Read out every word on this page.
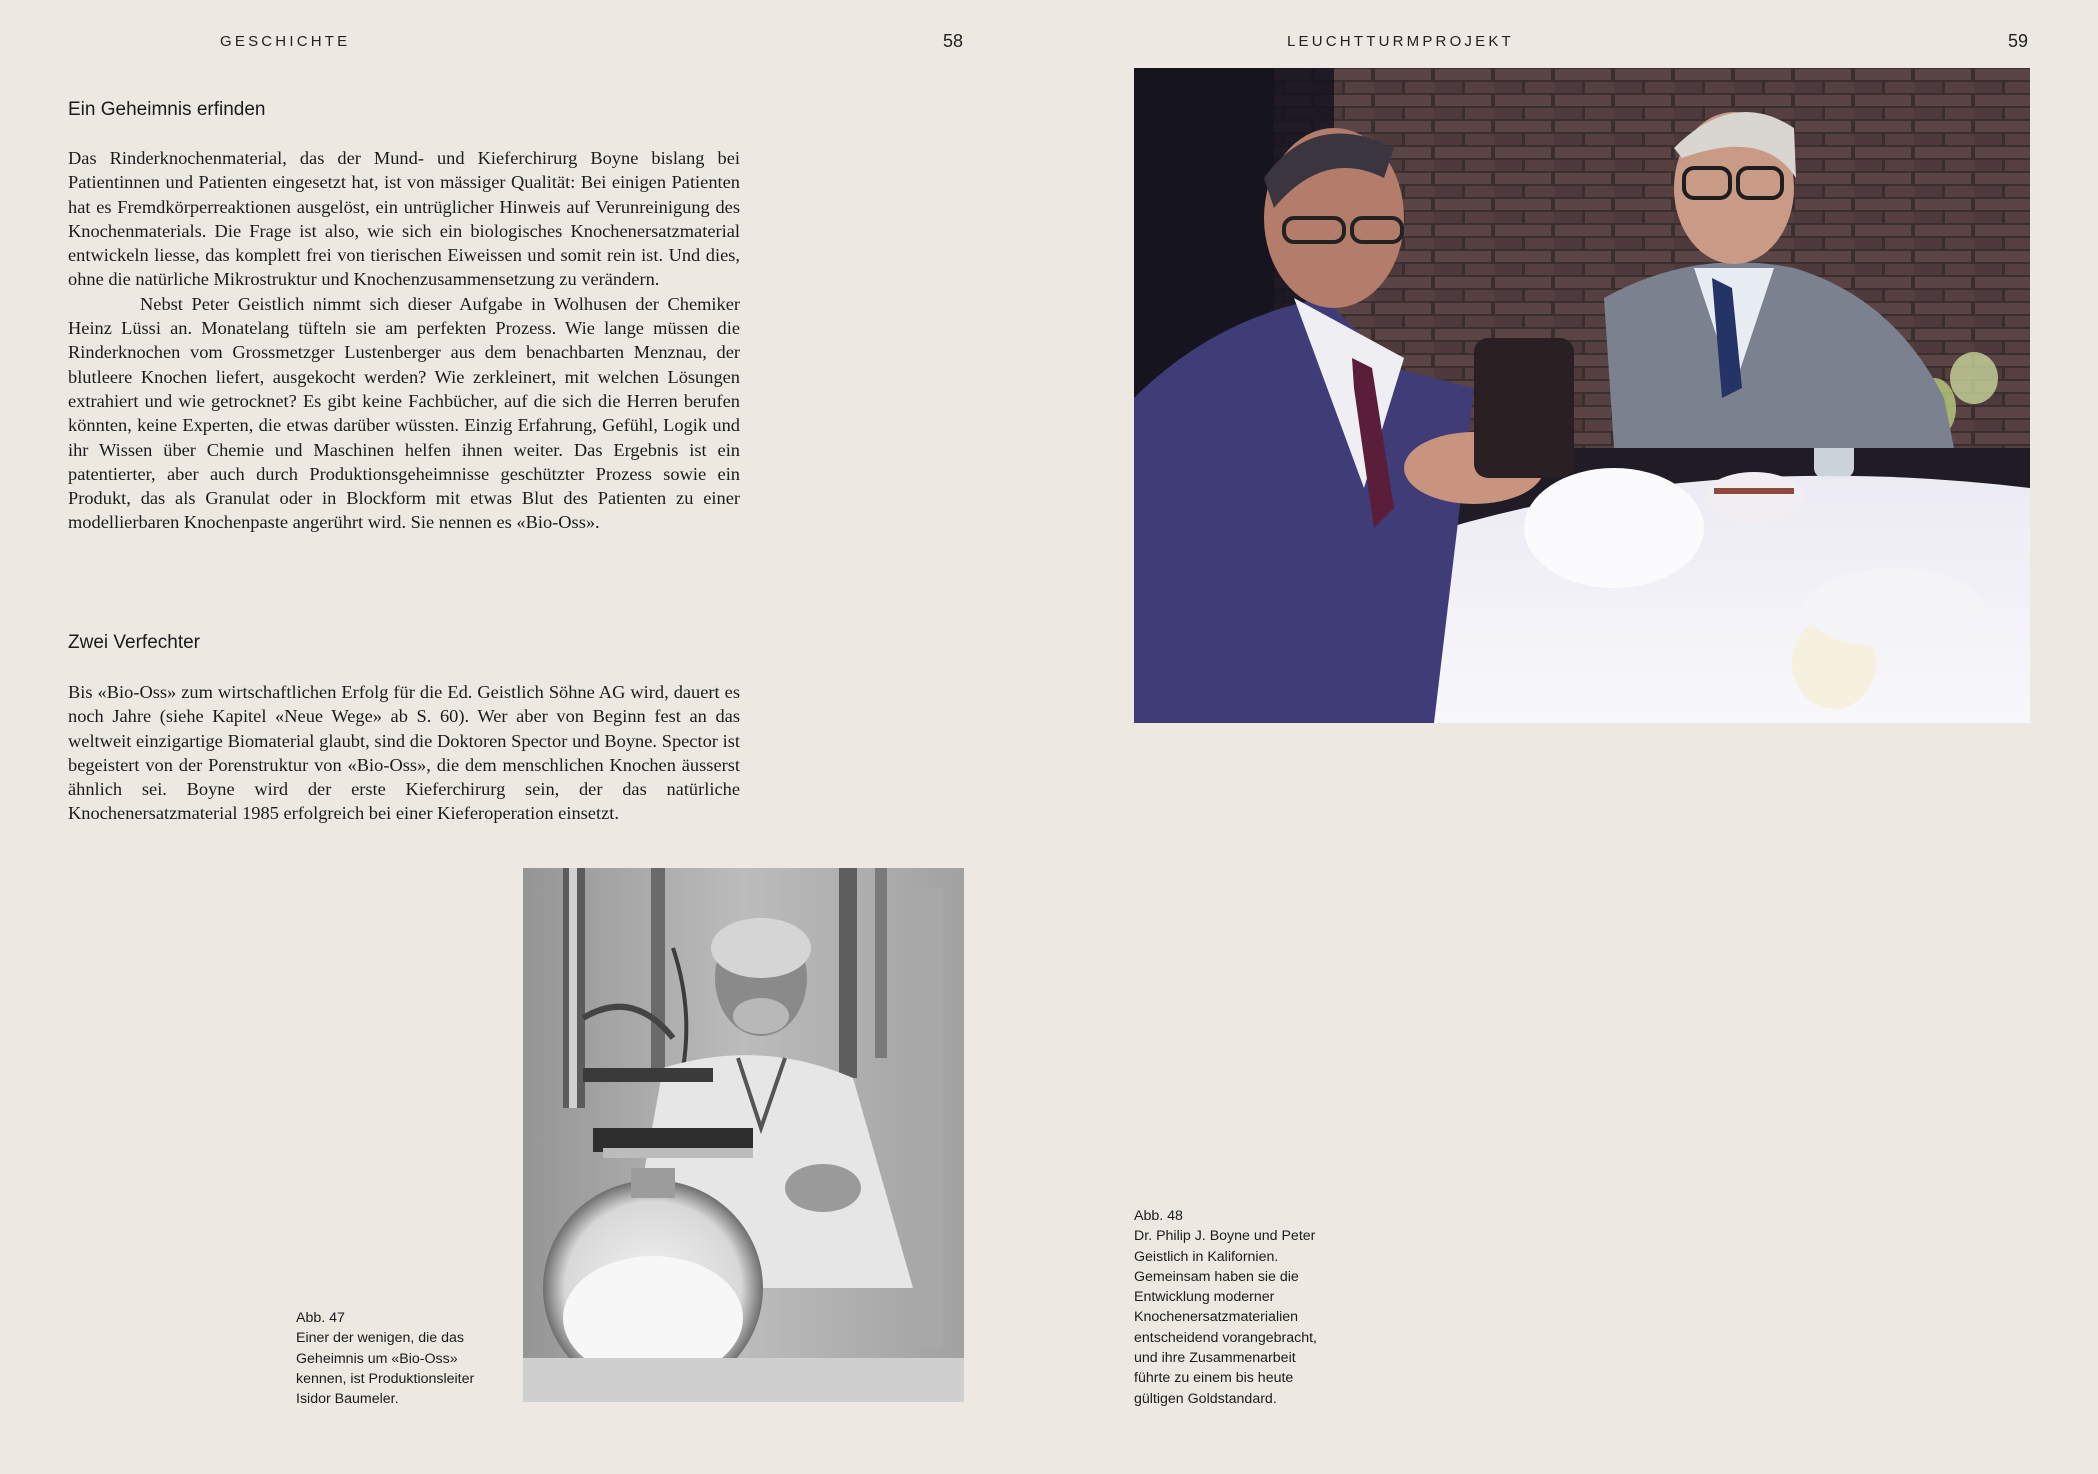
GESCHICHTE	58
Ein Geheimnis erfinden

Das Rinderknochenmaterial, das der Mund- und Kieferchirurg Boyne bislang bei Patientinnen und Patienten eingesetzt hat, ist von mässiger Qualität: Bei einigen Patienten hat es Fremdkörperreaktionen ausgelöst, ein untrüglicher Hinweis auf Verunreinigung des Knochenmaterials. Die Frage ist also, wie sich ein biologisches Knochenersatzmaterial entwickeln liesse, das komplett frei von tierischen Eiweissen und somit rein ist. Und dies, ohne die natürliche Mikrostruktur und Knochenzusammensetzung zu verändern.

Nebst Peter Geistlich nimmt sich dieser Aufgabe in Wolhusen der Chemiker Heinz Lüssi an. Monatelang tüfteln sie am perfekten Prozess. Wie lange müssen die Rinderknochen vom Grossmetzger Lustenberger aus dem benachbarten Menznau, der blutleere Knochen liefert, ausgekocht werden? Wie zerkleinert, mit welchen Lösungen extrahiert und wie getrocknet? Es gibt keine Fachbücher, auf die sich die Herren berufen könnten, keine Experten, die etwas darüber wüssten. Einzig Erfahrung, Gefühl, Logik und ihr Wissen über Chemie und Maschinen helfen ihnen weiter. Das Ergebnis ist ein patentierter, aber auch durch Produktionsgeheimnisse geschützter Prozess sowie ein Produkt, das als Granulat oder in Blockform mit etwas Blut des Patienten zu einer modellierbaren Knochenpaste angerührt wird. Sie nennen es «Bio-Oss».

Zwei Verfechter

Bis «Bio-Oss» zum wirtschaftlichen Erfolg für die Ed. Geistlich Söhne AG wird, dauert es noch Jahre (siehe Kapitel «Neue Wege» ab S. 60). Wer aber von Beginn fest an das weltweit einzigartige Biomaterial glaubt, sind die Doktoren Spector und Boyne. Spector ist begeistert von der Porenstruktur von «Bio-Oss», die dem menschlichen Knochen äusserst ähnlich sei. Boyne wird der erste Kieferchirurg sein, der das natürliche Knochenersatzmaterial 1985 erfolgreich bei einer Kieferoperation einsetzt.

Abb. 47
Einer der wenigen, die das
Geheimnis um «Bio-Oss»
kennen, ist Produktionsleiter
Isidor Baumeler.
LEUCHTTURMPROJEKT	59
Abb. 48
Dr. Philip J. Boyne und Peter
Geistlich in Kalifornien.
Gemeinsam haben sie die
Entwicklung moderner
Knochenersatzmaterialien
entscheidend vorangebracht,
und ihre Zusammenarbeit
führte zu einem bis heute
gültigen Goldstandard.
